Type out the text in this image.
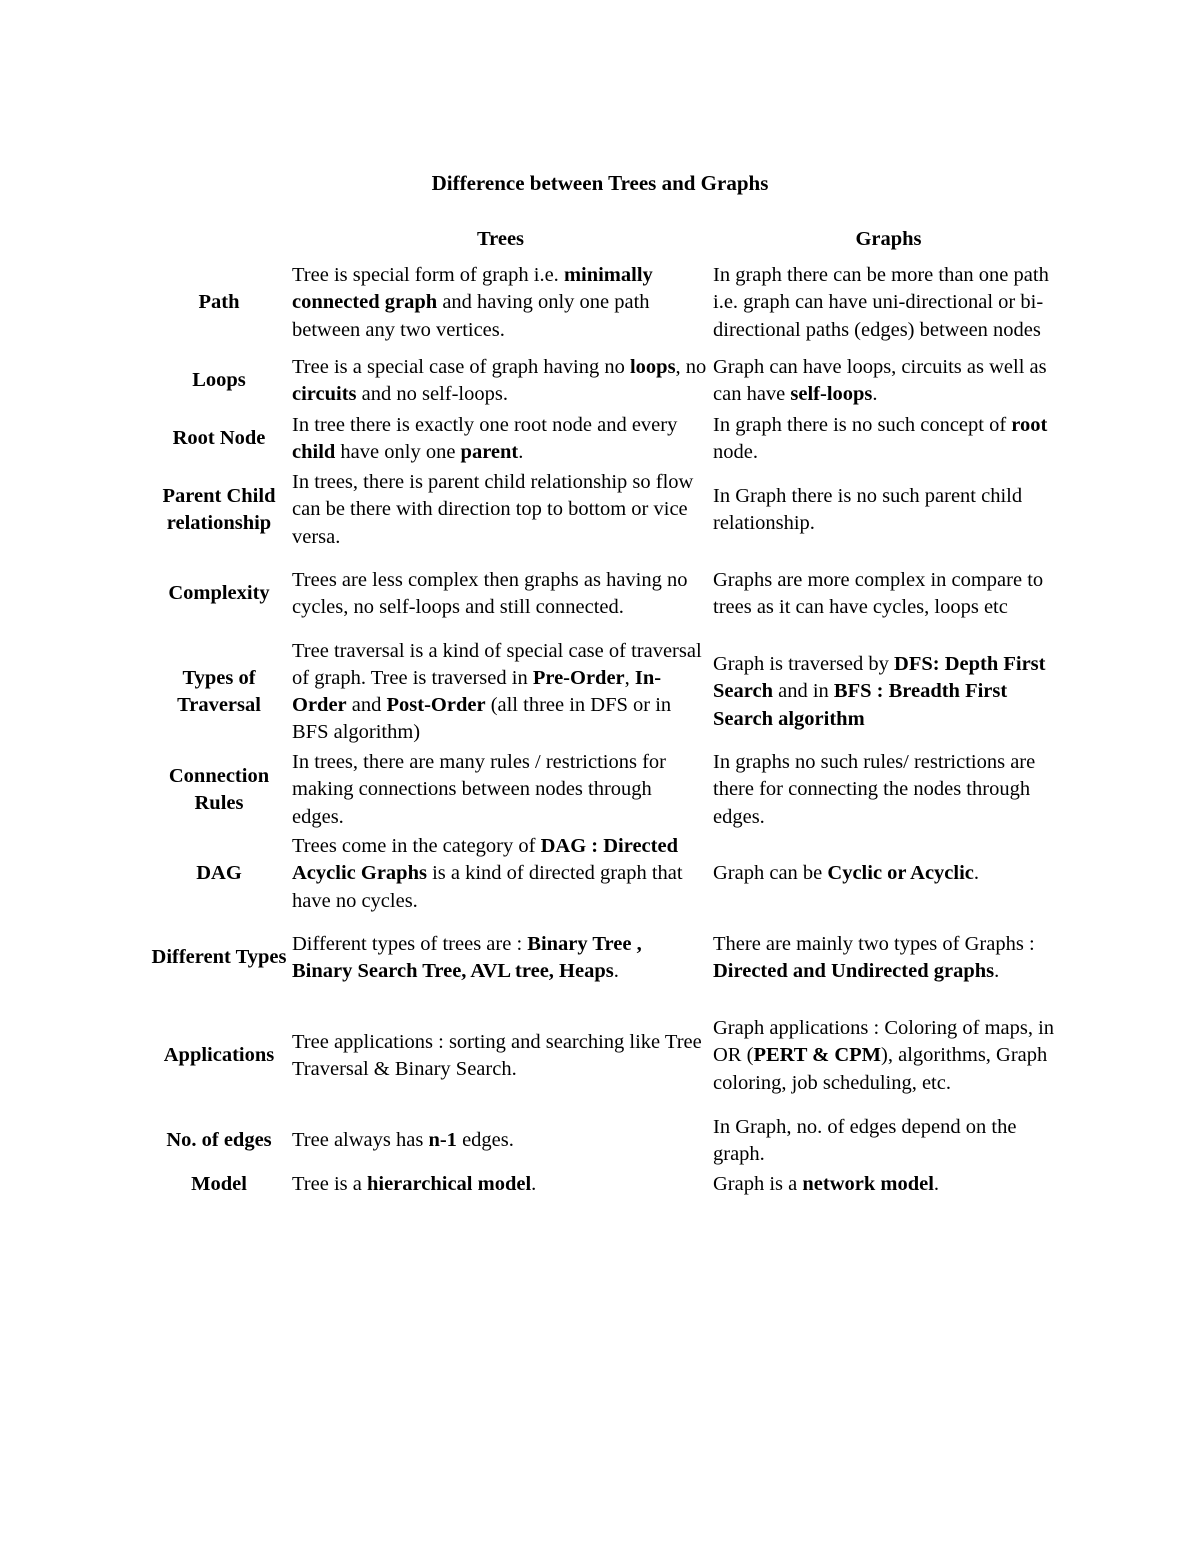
Difference between Trees and Graphs
	Trees	Graphs
Path	Tree is special form of graph i.e. minimally connected graph and having only one path between any two vertices.	In graph there can be more than one path i.e. graph can have uni-directional or bi-directional paths (edges) between nodes
Loops	Tree is a special case of graph having no loops, no circuits and no self-loops.	Graph can have loops, circuits as well as can have self-loops.
Root Node	In tree there is exactly one root node and every child have only one parent.	In graph there is no such concept of root node.
Parent Child relationship	In trees, there is parent child relationship so flow can be there with direction top to bottom or vice versa.	In Graph there is no such parent child relationship.
Complexity	Trees are less complex then graphs as having no cycles, no self-loops and still connected.	Graphs are more complex in compare to trees as it can have cycles, loops etc
Types of Traversal	Tree traversal is a kind of special case of traversal of graph. Tree is traversed in Pre-Order, In-Order and Post-Order (all three in DFS or in BFS algorithm)	Graph is traversed by DFS: Depth First Search and in BFS : Breadth First Search algorithm
Connection Rules	In trees, there are many rules / restrictions for making connections between nodes through edges.	In graphs no such rules/ restrictions are there for connecting the nodes through edges.
DAG	Trees come in the category of DAG : Directed Acyclic Graphs is a kind of directed graph that have no cycles.	Graph can be Cyclic or Acyclic.
Different Types	Different types of trees are : Binary Tree , Binary Search Tree, AVL tree, Heaps.	There are mainly two types of Graphs : Directed and Undirected graphs.
Applications	Tree applications : sorting and searching like Tree Traversal & Binary Search.	Graph applications : Coloring of maps, in OR (PERT & CPM), algorithms, Graph coloring, job scheduling, etc.
No. of edges	Tree always has n-1 edges.	In Graph, no. of edges depend on the graph.
Model	Tree is a hierarchical model.	Graph is a network model.
